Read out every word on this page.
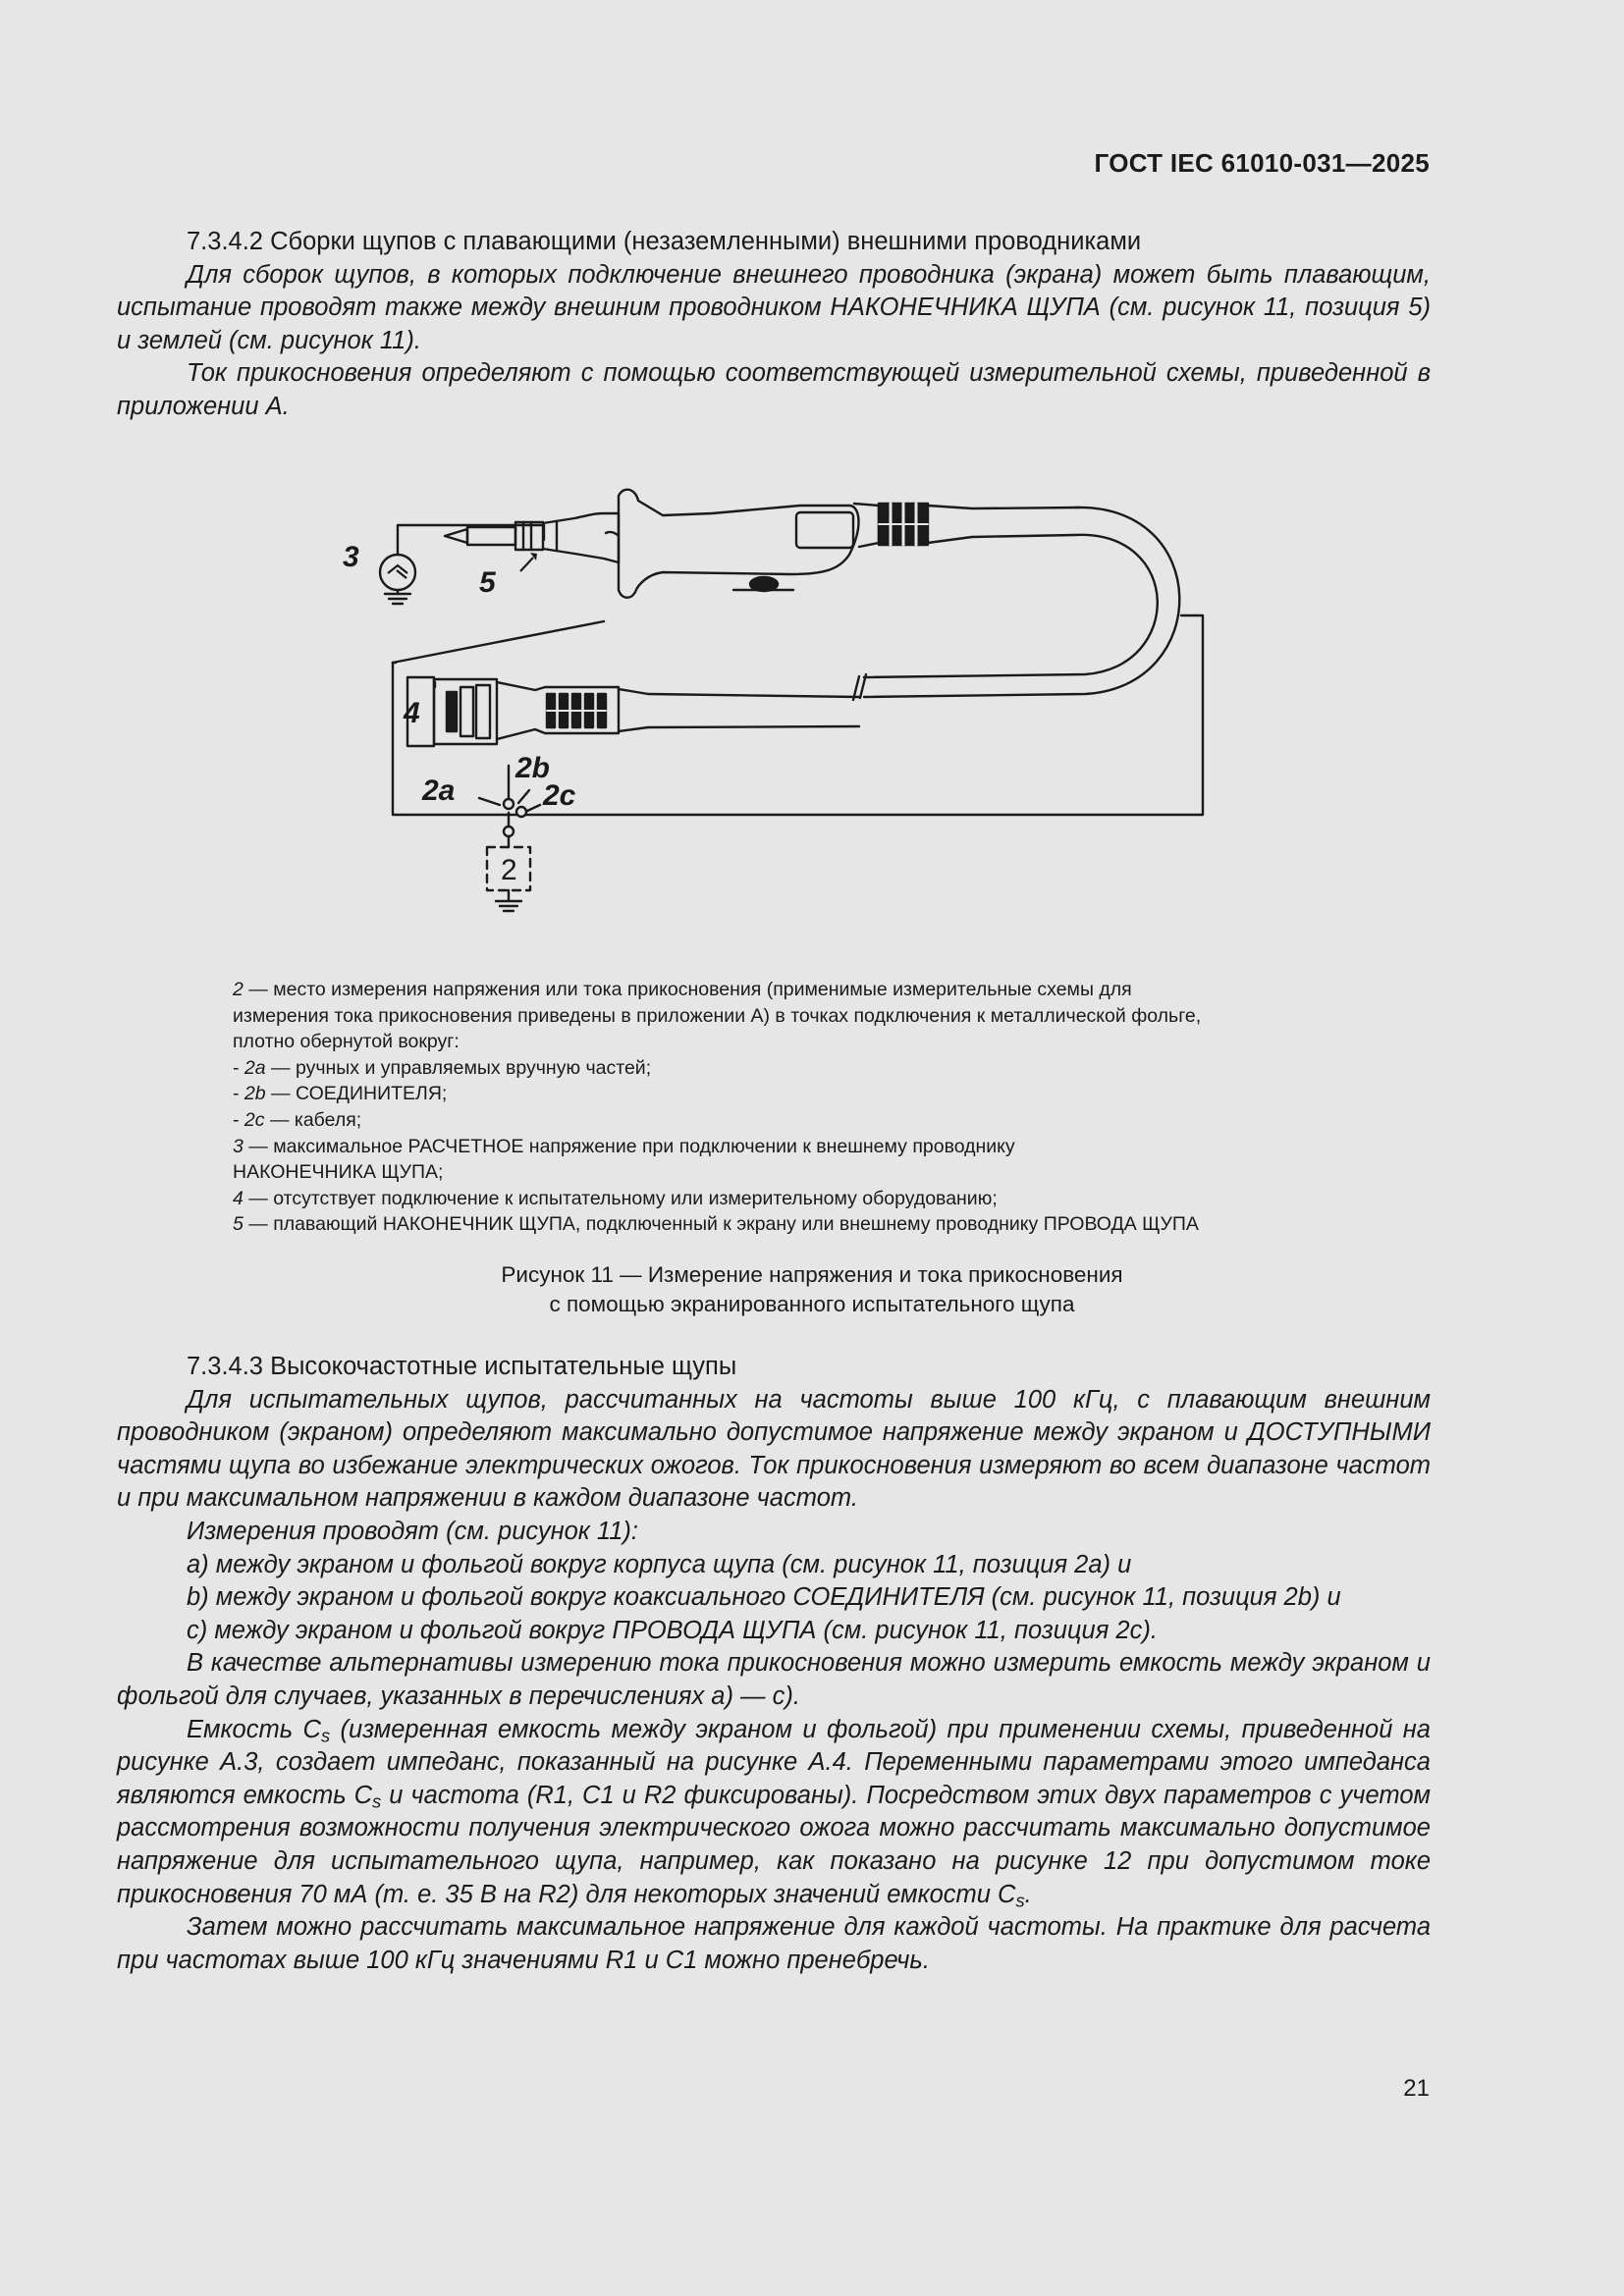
ГОСТ IEC 61010-031—2025

7.3.4.2 Сборки щупов с плавающими (незаземленными) внешними проводниками

Для сборок щупов, в которых подключение внешнего проводника (экрана) может быть плавающим, испытание проводят также между внешним проводником НАКОНЕЧНИКА ЩУПА (см. рисунок 11, позиция 5) и землей (см. рисунок 11).

Ток прикосновения определяют с помощью соответствующей измерительной схемы, приведенной в приложении А.

3
5
4
2a
2b
2c
2

2 — место измерения напряжения или тока прикосновения (применимые измерительные схемы для

измерения тока прикосновения приведены в приложении А) в точках подключения к металлической фольге,

плотно обернутой вокруг:

- 2a — ручных и управляемых вручную частей;

- 2b — СОЕДИНИТЕЛЯ;

- 2c — кабеля;

3 — максимальное РАСЧЕТНОЕ напряжение при подключении к внешнему проводнику

НАКОНЕЧНИКА ЩУПА;

4 — отсутствует подключение к испытательному или измерительному оборудованию;

5 — плавающий НАКОНЕЧНИК ЩУПА, подключенный к экрану или внешнему проводнику ПРОВОДА ЩУПА

Рисунок 11 — Измерение напряжения и тока прикосновения

с помощью экранированного испытательного щупа

7.3.4.3 Высокочастотные испытательные щупы

Для испытательных щупов, рассчитанных на частоты выше 100 кГц, с плавающим внешним проводником (экраном) определяют максимально допустимое напряжение между экраном и ДОСТУПНЫМИ частями щупа во избежание электрических ожогов. Ток прикосновения измеряют во всем диапазоне частот и при максимальном напряжении в каждом диапазоне частот.

Измерения проводят (см. рисунок 11):

a) между экраном и фольгой вокруг корпуса щупа (см. рисунок 11, позиция 2a) и

b) между экраном и фольгой вокруг коаксиального СОЕДИНИТЕЛЯ (см. рисунок 11, позиция 2b) и

c) между экраном и фольгой вокруг ПРОВОДА ЩУПА (см. рисунок 11, позиция 2c).

В качестве альтернативы измерению тока прикосновения можно измерить емкость между экраном и фольгой для случаев, указанных в перечислениях a) — c).

Емкость $C_s$ (измеренная емкость между экраном и фольгой) при применении схемы, приведенной на рисунке А.3, создает импеданс, показанный на рисунке А.4. Переменными параметрами этого импеданса являются емкость $C_s$ и частота (R1, C1 и R2 фиксированы). Посредством этих двух параметров с учетом рассмотрения возможности получения электрического ожога можно рассчитать максимально допустимое напряжение для испытательного щупа, например, как показано на рисунке 12 при допустимом токе прикосновения 70 мА (т. е. 35 В на R2) для некоторых значений емкости $C_s$.

Затем можно рассчитать максимальное напряжение для каждой частоты. На практике для расчета при частотах выше 100 кГц значениями R1 и C1 можно пренебречь.

21
